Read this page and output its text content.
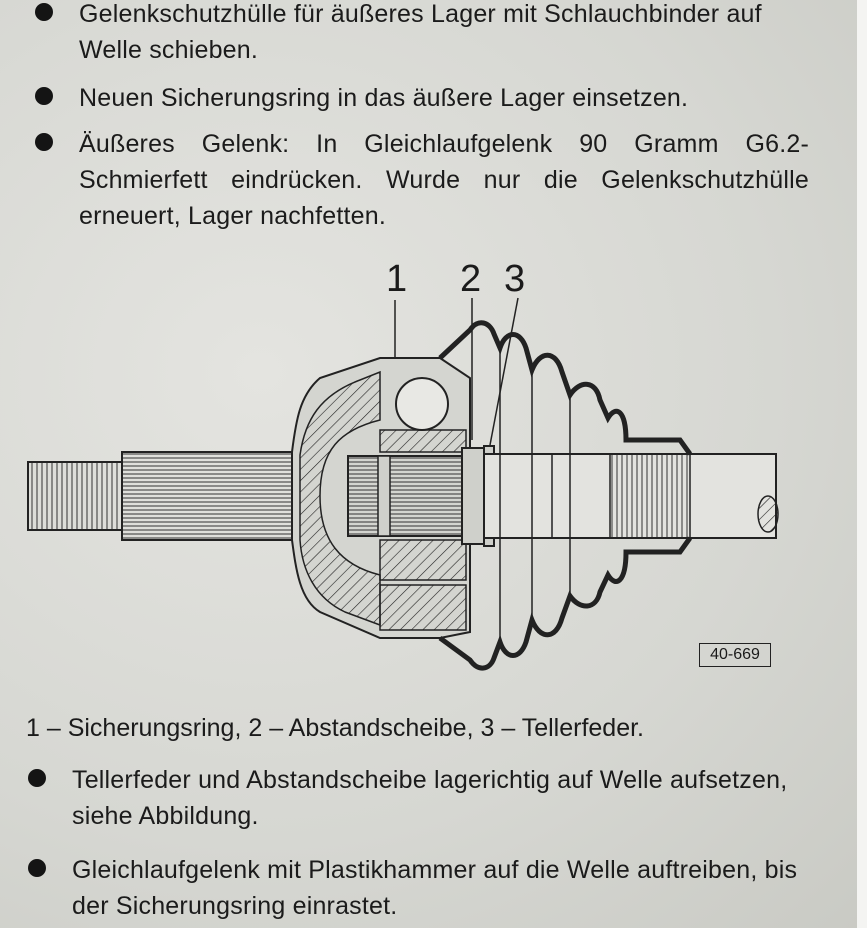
Gelenkschutzhülle für äußeres Lager mit Schlauchbinder auf Welle schieben.
Neuen Sicherungsring in das äußere Lager einsetzen.
Äußeres Gelenk: In Gleichlaufgelenk 90 Gramm G6.2-Schmierfett eindrücken. Wurde nur die Gelenkschutzhülle erneuert, Lager nachfetten.
1 2 3
40-669
1 – Sicherungsring, 2 – Abstandscheibe, 3 – Tellerfeder.
Tellerfeder und Abstandscheibe lagerichtig auf Welle aufsetzen, siehe Abbildung.
Gleichlaufgelenk mit Plastikhammer auf die Welle auftreiben, bis der Sicherungsring einrastet.
